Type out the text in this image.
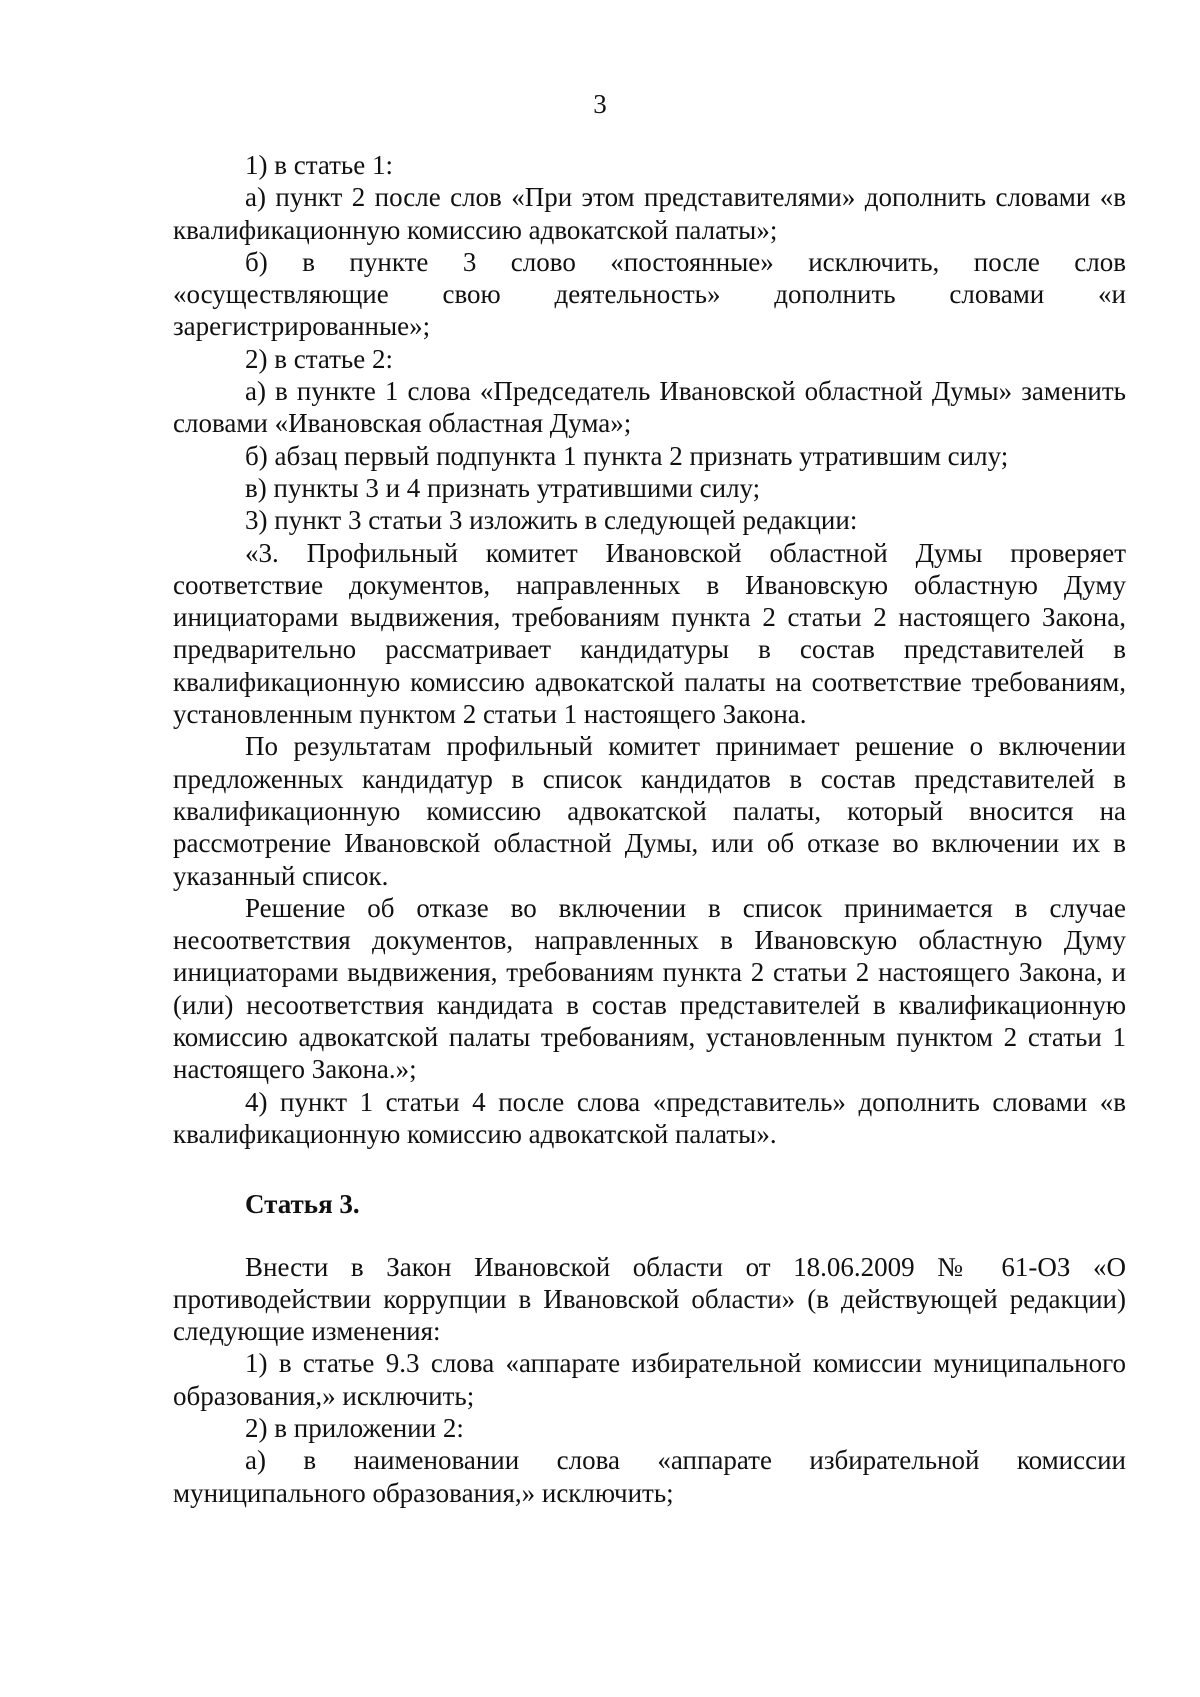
3

1) в статье 1:

а) пункт 2 после слов «При этом представителями» дополнить словами «в квалификационную комиссию адвокатской палаты»;

б) в пункте 3 слово «постоянные» исключить, после слов «осуществляющие свою деятельность» дополнить словами «и зарегистрированные»;

2) в статье 2:

а) в пункте 1 слова «Председатель Ивановской областной Думы» заменить словами «Ивановская областная Дума»;

б) абзац первый подпункта 1 пункта 2 признать утратившим силу;

в) пункты 3 и 4 признать утратившими силу;

3) пункт 3 статьи 3 изложить в следующей редакции:

«3. Профильный комитет Ивановской областной Думы проверяет соответствие документов, направленных в Ивановскую областную Думу инициаторами выдвижения, требованиям пункта 2 статьи 2 настоящего Закона, предварительно рассматривает кандидатуры в состав представителей в квалификационную комиссию адвокатской палаты на соответствие требованиям, установленным пунктом 2 статьи 1 настоящего Закона.

По результатам профильный комитет принимает решение о включении предложенных кандидатур в список кандидатов в состав представителей в квалификационную комиссию адвокатской палаты, который вносится на рассмотрение Ивановской областной Думы, или об отказе во включении их в указанный список.

Решение об отказе во включении в список принимается в случае несоответствия документов, направленных в Ивановскую областную Думу инициаторами выдвижения, требованиям пункта 2 статьи 2 настоящего Закона, и (или) несоответствия кандидата в состав представителей в квалификационную комиссию адвокатской палаты требованиям, установленным пунктом 2 статьи 1 настоящего Закона.»;

4) пункт 1 статьи 4 после слова «представитель» дополнить словами «в квалификационную комиссию адвокатской палаты».

Статья 3.

Внести в Закон Ивановской области от 18.06.2009 № 61-ОЗ «О противодействии коррупции в Ивановской области» (в действующей редакции) следующие изменения:

1) в статье 9.3 слова «аппарате избирательной комиссии муниципального образования,» исключить;

2) в приложении 2:

а) в наименовании слова «аппарате избирательной комиссии муниципального образования,» исключить;
